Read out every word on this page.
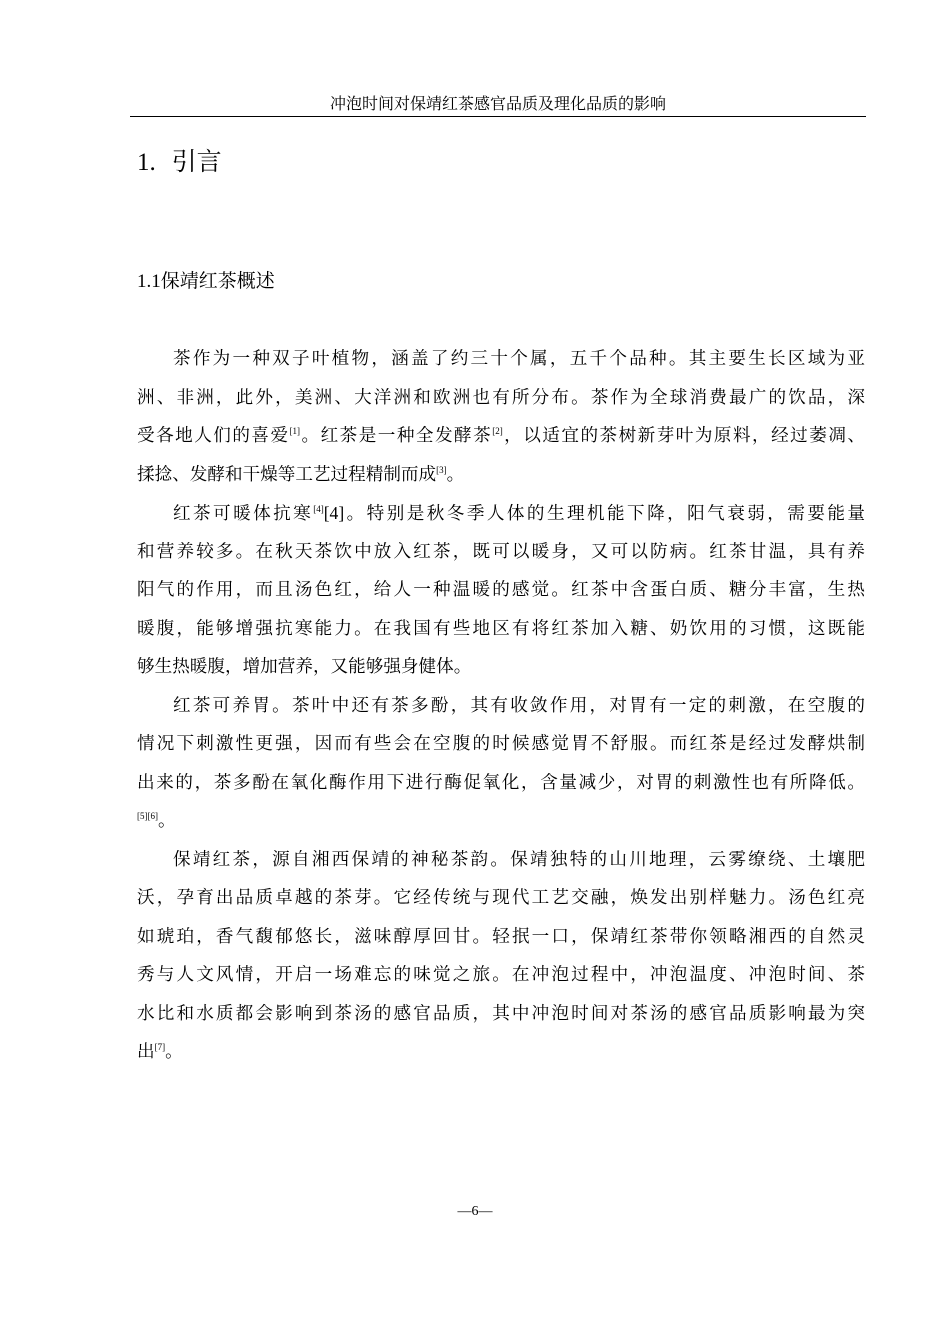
冲泡时间对保靖红茶感官品质及理化品质的影响
1. 引言
1.1保靖红茶概述
茶作为一种双子叶植物，涵盖了约三十个属，五千个品种。其主要生长区域为亚
洲、非洲，此外，美洲、大洋洲和欧洲也有所分布。茶作为全球消费最广的饮品，深
受各地人们的喜爱[1]。红茶是一种全发酵茶[2]，以适宜的茶树新芽叶为原料，经过萎凋、
揉捻、发酵和干燥等工艺过程精制而成[3]。
红茶可暖体抗寒[4][4]。特别是秋冬季人体的生理机能下降，阳气衰弱，需要能量
和营养较多。在秋天茶饮中放入红茶，既可以暖身，又可以防病。红茶甘温，具有养
阳气的作用，而且汤色红，给人一种温暖的感觉。红茶中含蛋白质、糖分丰富，生热
暖腹，能够增强抗寒能力。在我国有些地区有将红茶加入糖、奶饮用的习惯，这既能
够生热暖腹，增加营养，又能够强身健体。
红茶可养胃。茶叶中还有茶多酚，其有收敛作用，对胃有一定的刺激，在空腹的
情况下刺激性更强，因而有些会在空腹的时候感觉胃不舒服。而红茶是经过发酵烘制
出来的，茶多酚在氧化酶作用下进行酶促氧化，含量减少，对胃的刺激性也有所降低。
[5][6]。
保靖红茶，源自湘西保靖的神秘茶韵。保靖独特的山川地理，云雾缭绕、土壤肥
沃，孕育出品质卓越的茶芽。它经传统与现代工艺交融，焕发出别样魅力。汤色红亮
如琥珀，香气馥郁悠长，滋味醇厚回甘。轻抿一口，保靖红茶带你领略湘西的自然灵
秀与人文风情，开启一场难忘的味觉之旅。在冲泡过程中，冲泡温度、冲泡时间、茶
水比和水质都会影响到茶汤的感官品质，其中冲泡时间对茶汤的感官品质影响最为突
出[7]。
—6—
